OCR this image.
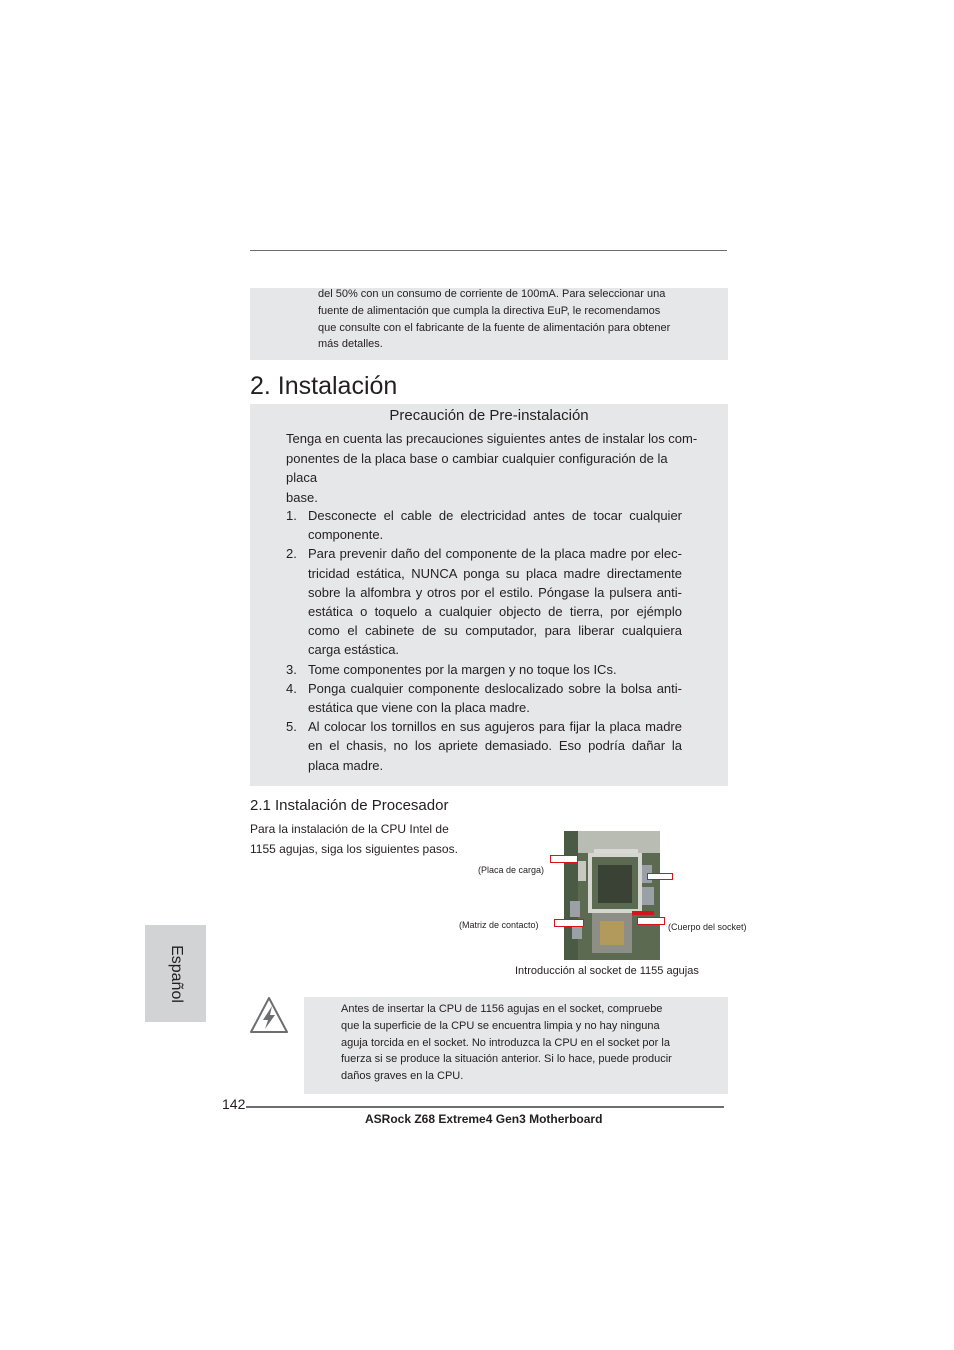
del 50% con un consumo de corriente de 100mA. Para seleccionar una
fuente de alimentación que cumpla la directiva EuP, le recomendamos
que consulte con el fabricante de la fuente de alimentación para obtener
más detalles.
2. Instalación
Precaución de Pre-instalación
Tenga en cuenta las precauciones siguientes antes de instalar los com-
ponentes de la placa base o cambiar cualquier configuración de la placa
base.
1. Desconecte el cable de electricidad antes de tocar cualquier componente.
2. Para prevenir daño del componente de la placa madre por elec-tricidad estática, NUNCA ponga su placa madre directamente sobre la alfombra y otros por el estilo. Póngase la pulsera anti-estática o toquelo a cualquier objecto de tierra, por ejémplo como el cabinete de su computador, para liberar cualquiera carga estástica.
3. Tome componentes por la margen y no toque los ICs.
4. Ponga cualquier componente deslocalizado sobre la bolsa anti-estática que viene con la placa madre.
5. Al colocar los tornillos en sus agujeros para fijar la placa madre en el chasis, no los apriete demasiado. Eso podría dañar la placa madre.
2.1 Instalación de Procesador
Para la instalación de la CPU Intel de
1155 agujas, siga los siguientes pasos.
(Placa de carga)
(Matriz de contacto)	(Cuerpo del socket)
Introducción al socket de 1155 agujas
Español
Antes de insertar la CPU de 1156 agujas en el socket, compruebe
que la superficie de la CPU se encuentra limpia y no hay ninguna
aguja torcida en el socket. No introduzca la CPU en el socket por la
fuerza si se produce la situación anterior. Si lo hace, puede producir
daños graves en la CPU.
142
ASRock Z68 Extreme4 Gen3 Motherboard
